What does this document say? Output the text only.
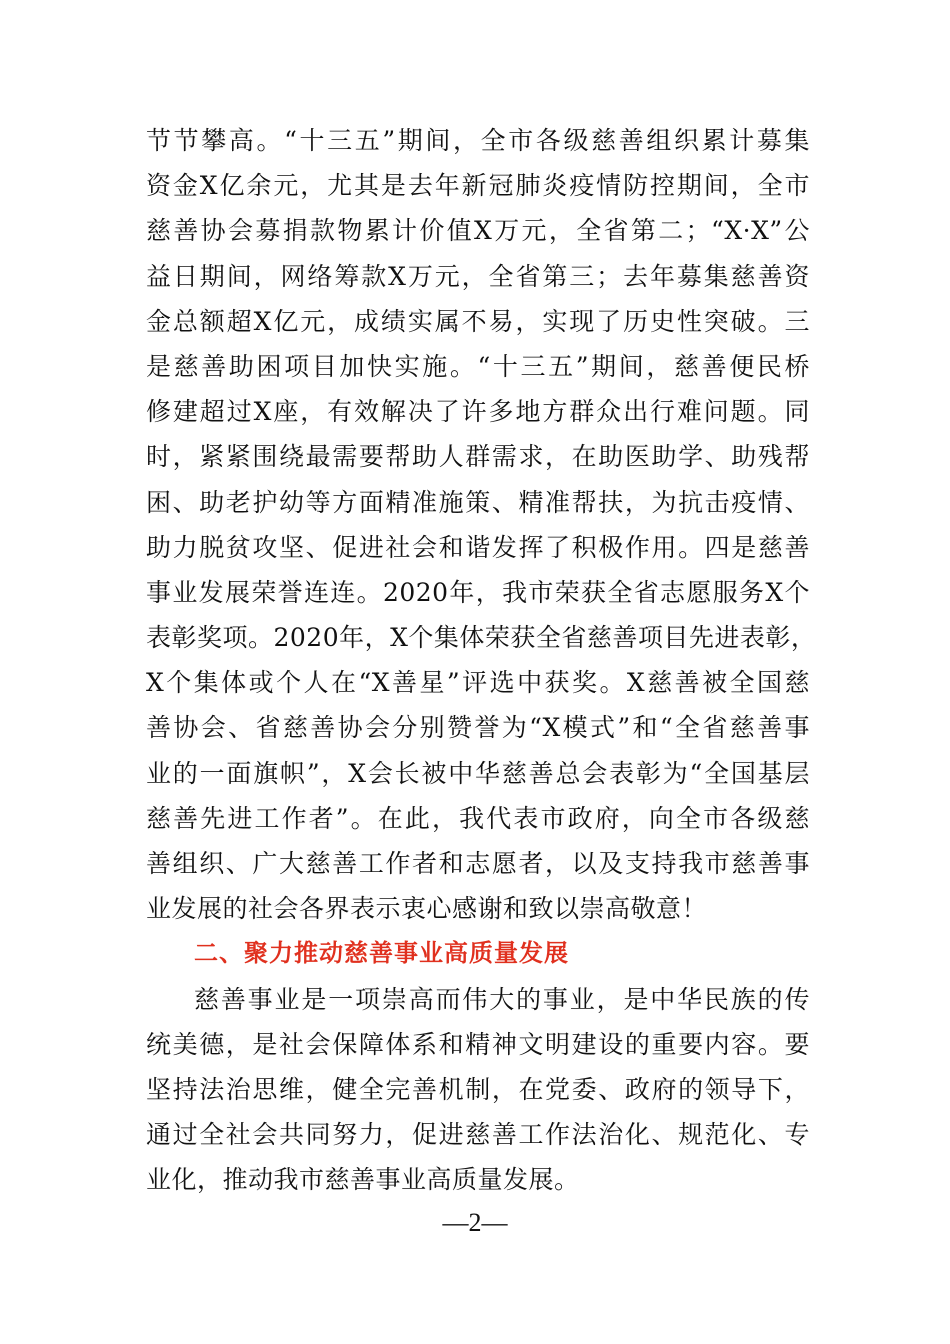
节节攀高。“十三五”期间，全市各级慈善组织累计募集
资金X亿余元，尤其是去年新冠肺炎疫情防控期间，全市
慈善协会募捐款物累计价值X万元，全省第二；“X·X”公
益日期间，网络筹款X万元，全省第三；去年募集慈善资
金总额超X亿元，成绩实属不易，实现了历史性突破。三
是慈善助困项目加快实施。“十三五”期间，慈善便民桥
修建超过X座，有效解决了许多地方群众出行难问题。同
时，紧紧围绕最需要帮助人群需求，在助医助学、助残帮
困、助老护幼等方面精准施策、精准帮扶，为抗击疫情、
助力脱贫攻坚、促进社会和谐发挥了积极作用。四是慈善
事业发展荣誉连连。2020年，我市荣获全省志愿服务X个
表彰奖项。2020年，X个集体荣获全省慈善项目先进表彰，
X个集体或个人在“X善星”评选中获奖。X慈善被全国慈
善协会、省慈善协会分别赞誉为“X模式”和“全省慈善事
业的一面旗帜”，X会长被中华慈善总会表彰为“全国基层
慈善先进工作者”。在此，我代表市政府，向全市各级慈
善组织、广大慈善工作者和志愿者，以及支持我市慈善事
业发展的社会各界表示衷心感谢和致以崇高敬意！
二、聚力推动慈善事业高质量发展
慈善事业是一项崇高而伟大的事业，是中华民族的传
统美德，是社会保障体系和精神文明建设的重要内容。要
坚持法治思维，健全完善机制，在党委、政府的领导下，
通过全社会共同努力，促进慈善工作法治化、规范化、专
业化，推动我市慈善事业高质量发展。
—2—
